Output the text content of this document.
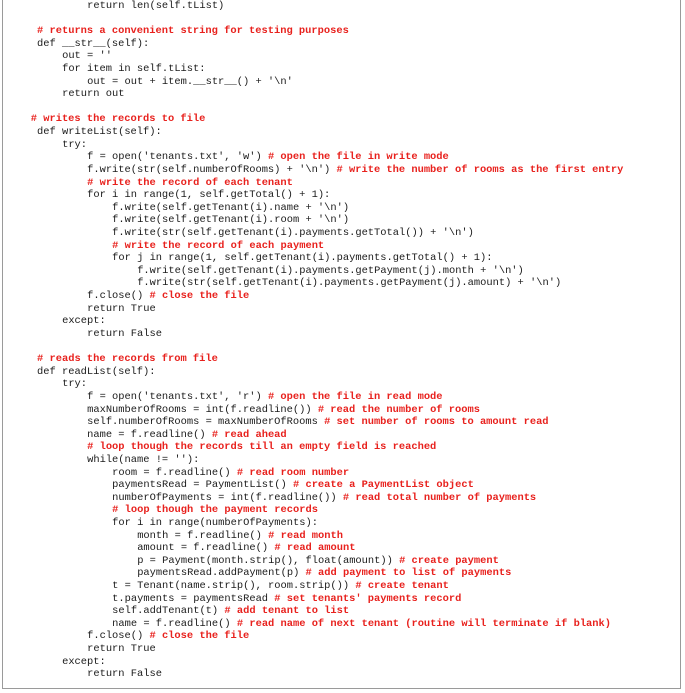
return len(self.tList)
# returns a convenient string for testing purposes
def __str__(self):
out = ''
for item in self.tList:
out = out + item.__str__() + '\n'
return out
# writes the records to file
def writeList(self):
try:
f = open('tenants.txt', 'w') # open the file in write mode
f.write(str(self.numberOfRooms) + '\n') # write the number of rooms as the first entry
# write the record of each tenant
for i in range(1, self.getTotal() + 1):
f.write(self.getTenant(i).name + '\n')
f.write(self.getTenant(i).room + '\n')
f.write(str(self.getTenant(i).payments.getTotal()) + '\n')
# write the record of each payment
for j in range(1, self.getTenant(i).payments.getTotal() + 1):
f.write(self.getTenant(i).payments.getPayment(j).month + '\n')
f.write(str(self.getTenant(i).payments.getPayment(j).amount) + '\n')
f.close() # close the file
return True
except:
return False
# reads the records from file
def readList(self):
try:
f = open('tenants.txt', 'r') # open the file in read mode
maxNumberOfRooms = int(f.readline()) # read the number of rooms
self.numberOfRooms = maxNumberOfRooms # set number of rooms to amount read
name = f.readline() # read ahead
# loop though the records till an empty field is reached
while(name != ''):
room = f.readline() # read room number
paymentsRead = PaymentList() # create a PaymentList object
numberOfPayments = int(f.readline()) # read total number of payments
# loop though the payment records
for i in range(numberOfPayments):
month = f.readline() # read month
amount = f.readline() # read amount
p = Payment(month.strip(), float(amount)) # create payment
paymentsRead.addPayment(p) # add payment to list of payments
t = Tenant(name.strip(), room.strip()) # create tenant
t.payments = paymentsRead # set tenants' payments record
self.addTenant(t) # add tenant to list
name = f.readline() # read name of next tenant (routine will terminate if blank)
f.close() # close the file
return True
except:
return False
